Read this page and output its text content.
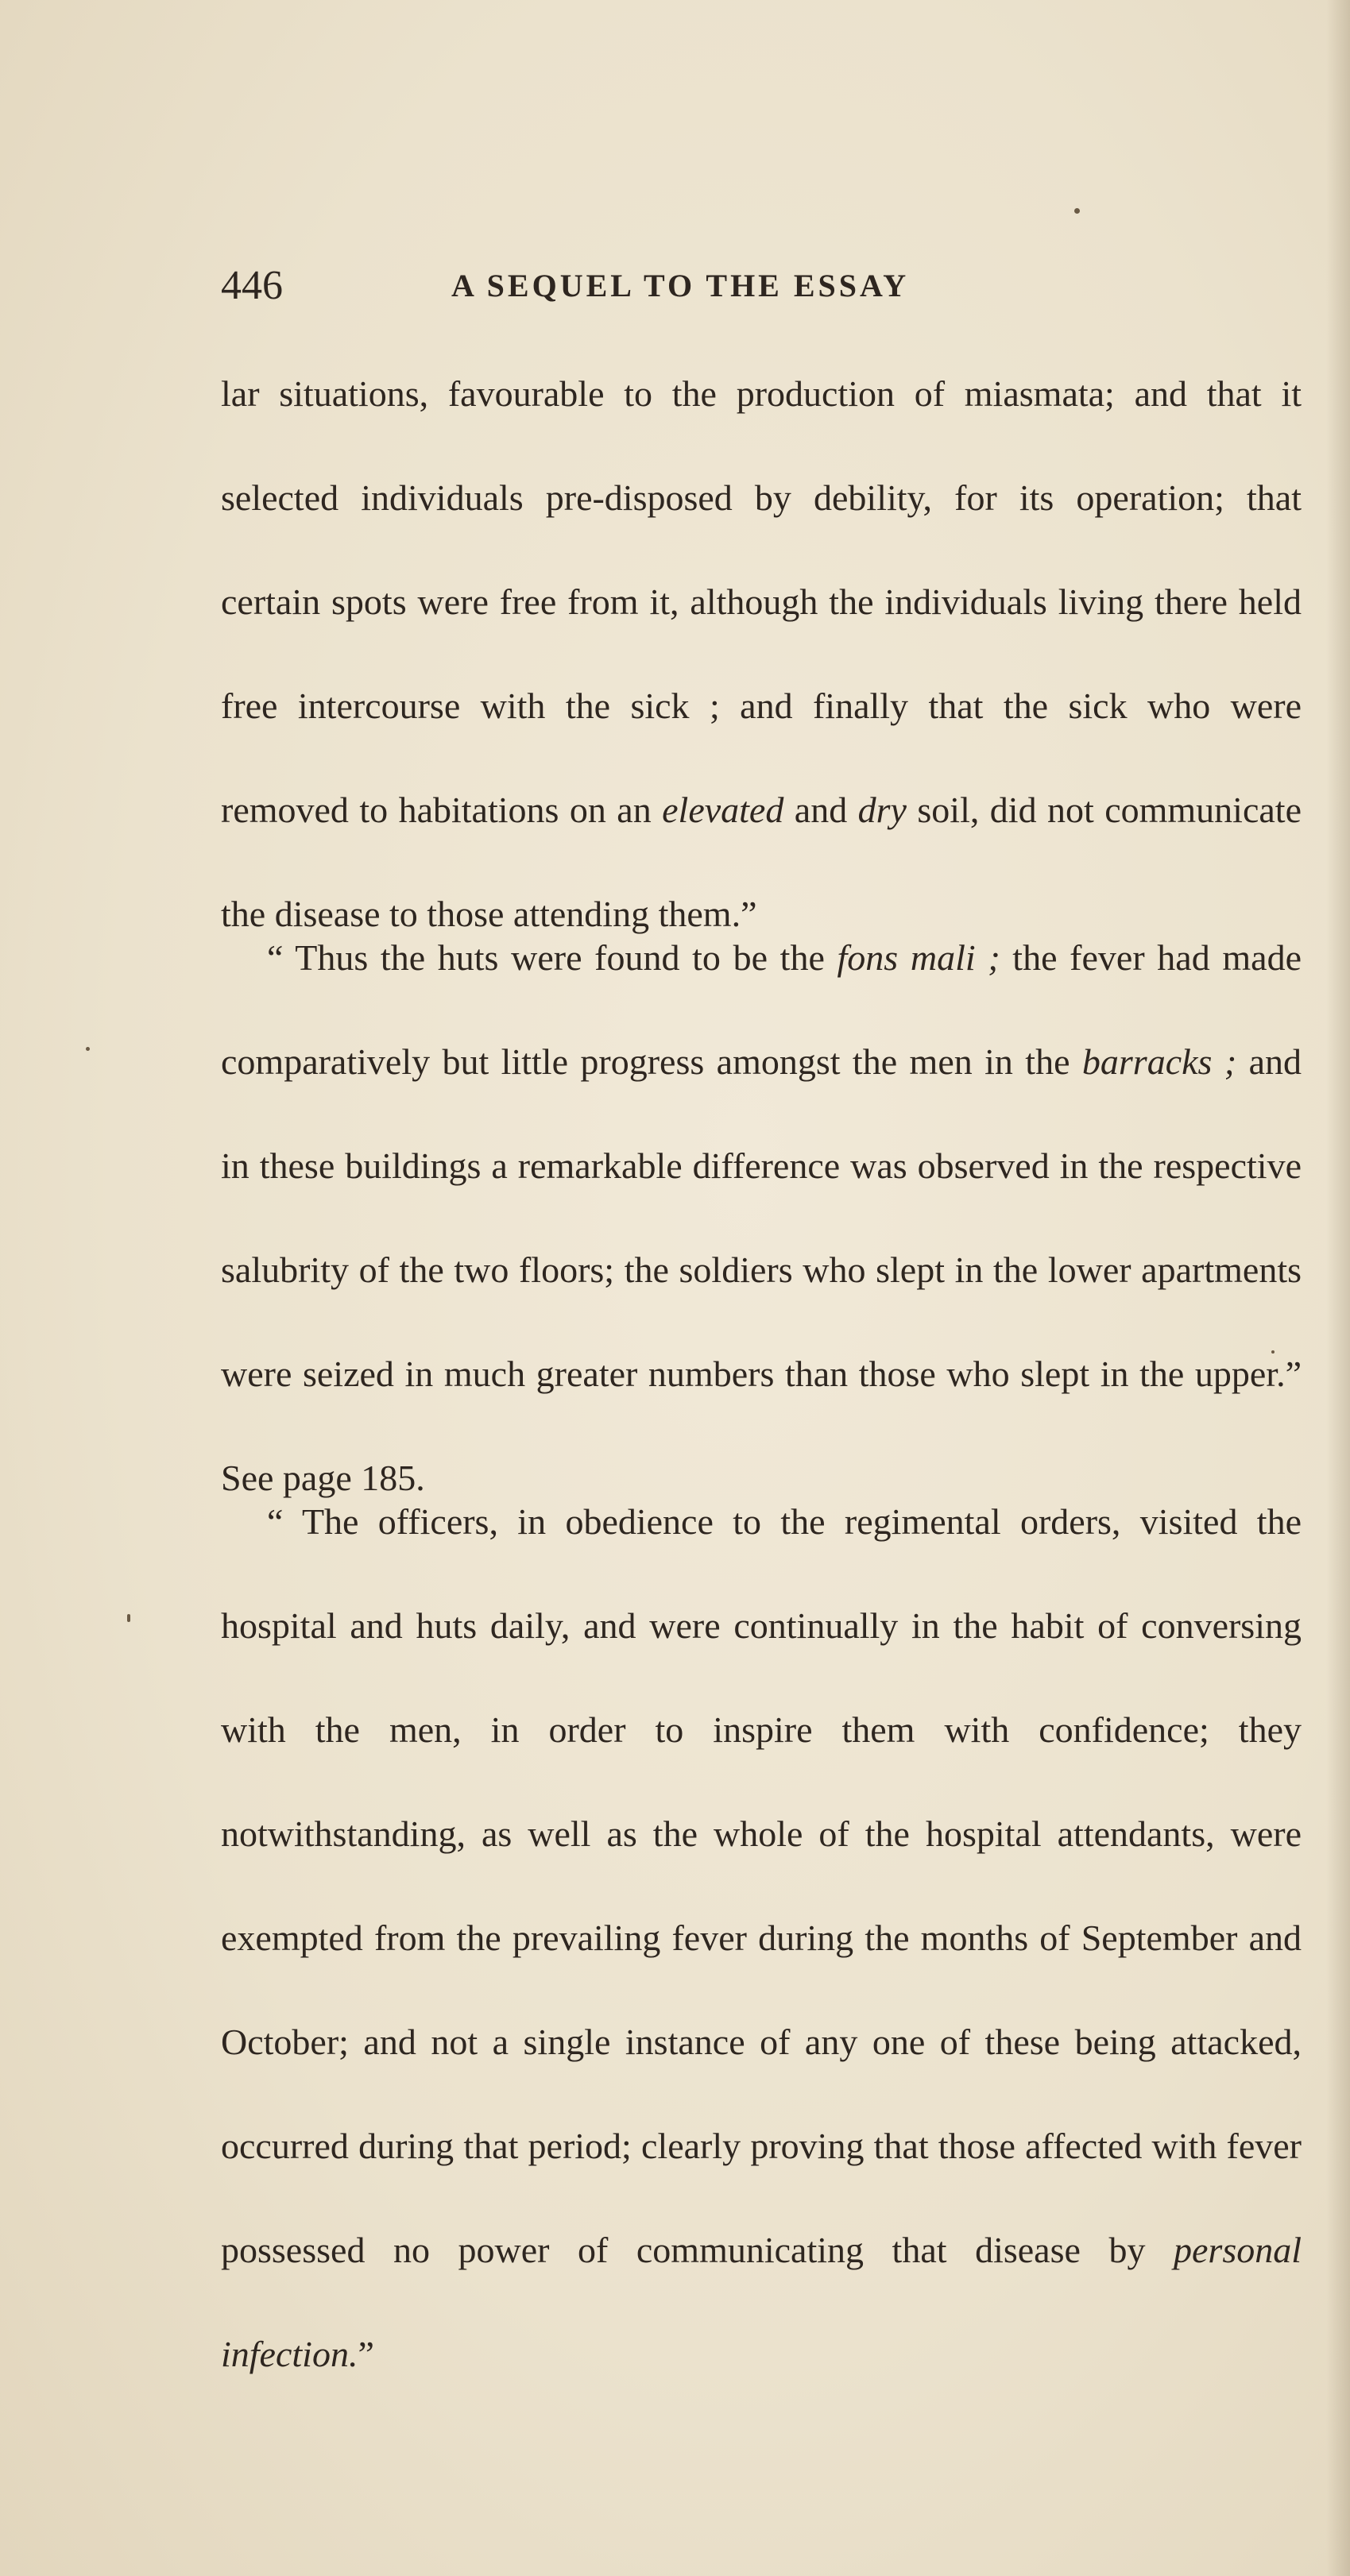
446	A SEQUEL TO THE ESSAY

lar situations, favourable to the production of miasmata; and that it selected individuals pre-disposed by debility, for its operation; that certain spots were free from it, although the individuals living there held free intercourse with the sick ; and finally that the sick who were removed to habitations on an elevated and dry soil, did not communicate the disease to those attending them.”

“ Thus the huts were found to be the fons mali ; the fever had made comparatively but little progress amongst the men in the barracks ; and in these buildings a remarkable difference was observed in the respective salubrity of the two floors; the soldiers who slept in the lower apartments were seized in much greater numbers than those who slept in the upper.” See page 185.

“ The officers, in obedience to the regimental orders, visited the hospital and huts daily, and were continually in the habit of conversing with the men, in order to inspire them with confidence; they notwithstanding, as well as the whole of the hospital attendants, were exempted from the prevailing fever during the months of September and October; and not a single instance of any one of these being attacked, occurred during that period; clearly proving that those affected with fever possessed no power of communicating that disease by personal infection.”
